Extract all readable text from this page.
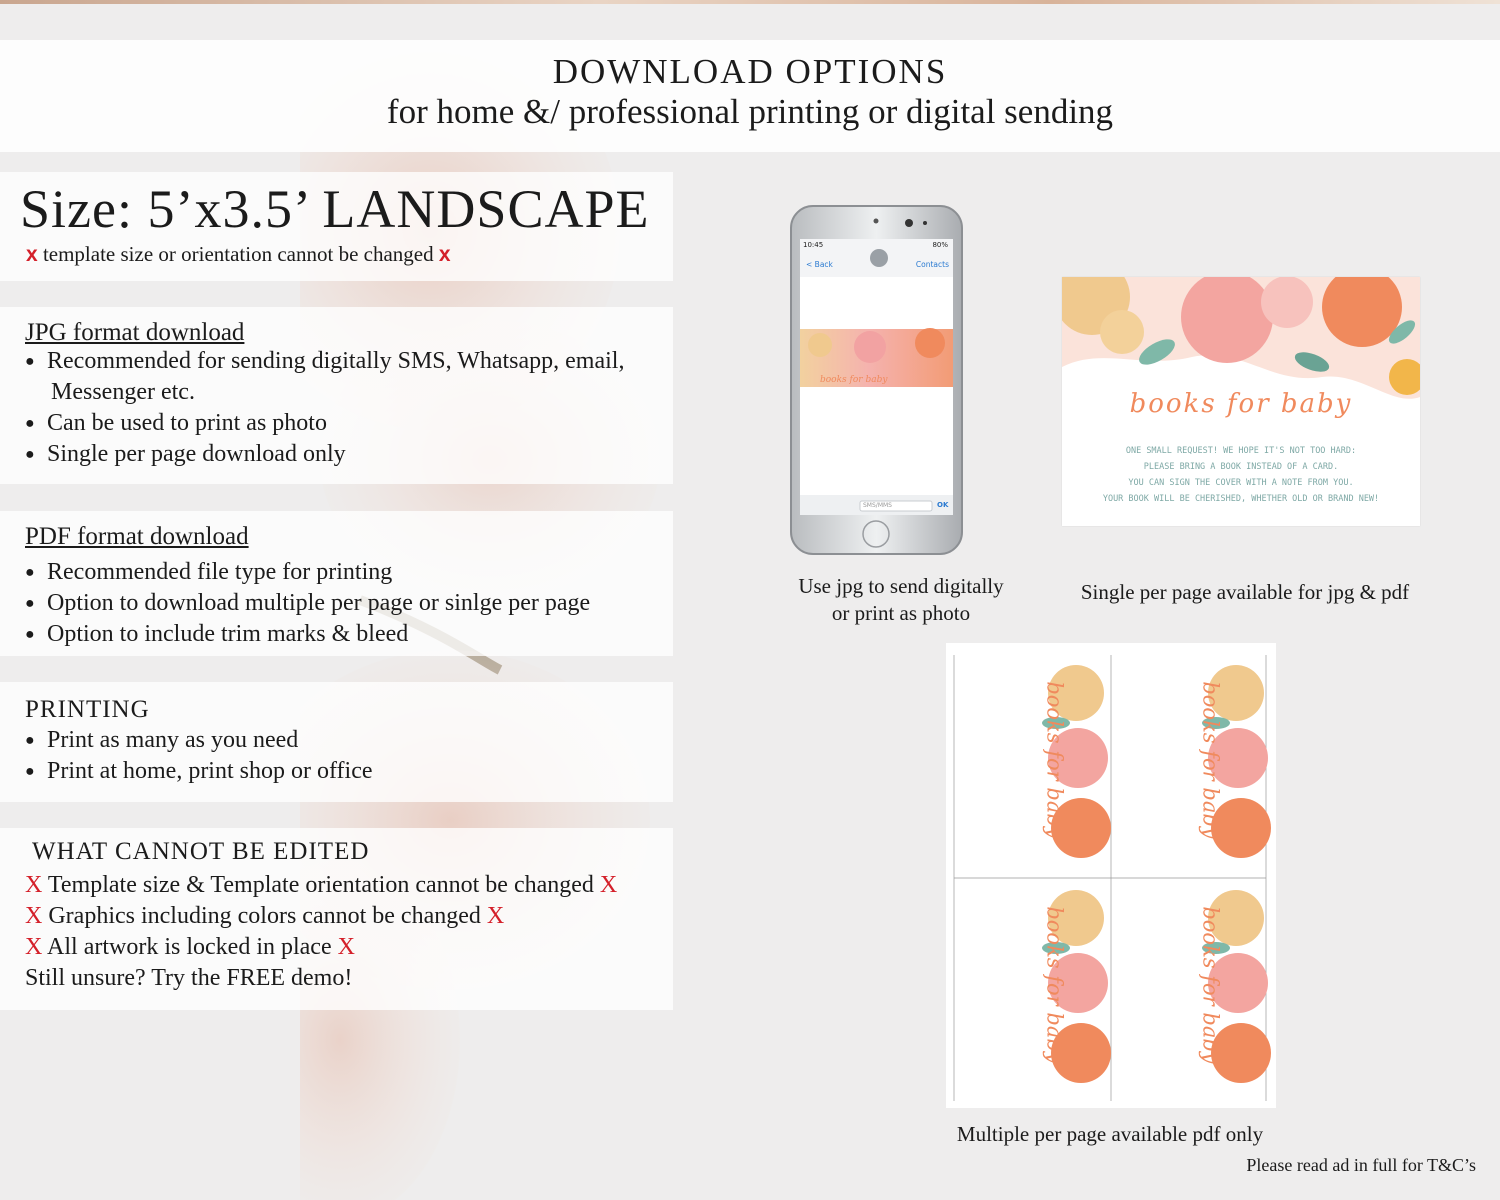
DOWNLOAD OPTIONS
for home &/ professional printing or digital sending
Size: 5’x3.5’ LANDSCAPE
x template size or orientation cannot be changed x
JPG format download
● Recommended for sending digitally SMS, Whatsapp, email,
Messenger etc.
● Can be used to print as photo
● Single per page download only
PDF format download
● Recommended file type for printing
● Option to download multiple per page or sinlge per page
● Option to include trim marks & bleed
PRINTING
● Print as many as you need
● Print at home, print shop or office
WHAT CANNOT BE EDITED
X Template size & Template orientation cannot be changed X
X Graphics including colors cannot be changed X
X All artwork is locked in place X
Still unsure? Try the FREE demo!
10:45	80%
< Back	Contacts
books for baby
SMS/MMS	OK
Use jpg to send digitally
or print as photo
books for baby
ONE SMALL REQUEST! WE HOPE IT'S NOT TOO HARD:
PLEASE BRING A BOOK INSTEAD OF A CARD.
YOU CAN SIGN THE COVER WITH A NOTE FROM YOU.
YOUR BOOK WILL BE CHERISHED, WHETHER OLD OR BRAND NEW!
Single per page available for jpg & pdf
books for baby	books for baby
books for baby	books for baby
Multiple per page available pdf only
Please read ad in full for T&C’s
